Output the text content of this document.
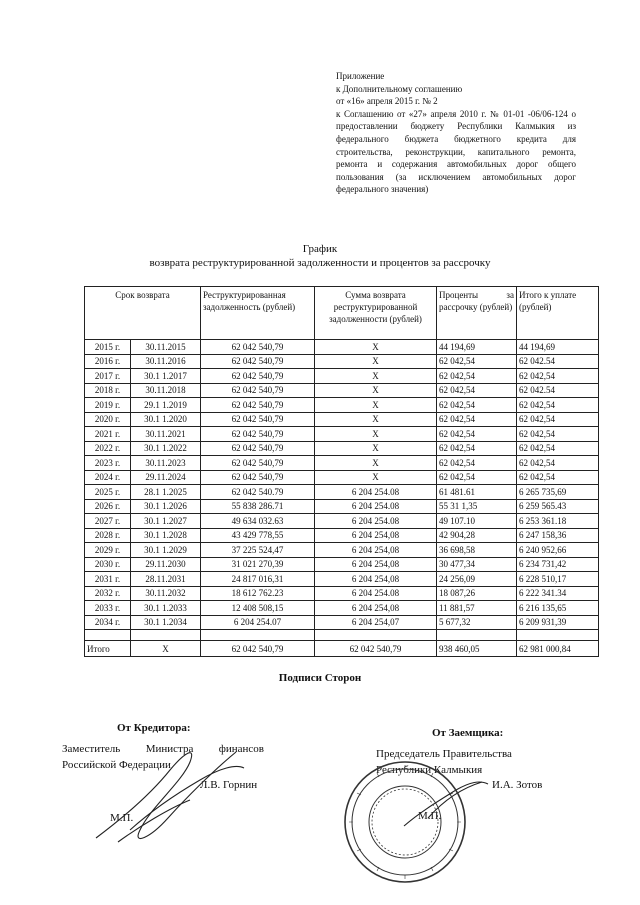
Приложение
к Дополнительному соглашению
от «16» апреля 2015 г. № 2
к Соглашению от «27» апреля 2010 г. № 01-01 -06/06-124 о предоставлении бюджету Республики Калмыкия из федерального бюджета бюджетного кредита для строительства, реконструкции, капитального ремонта, ремонта и содержания автомобильных дорог общего пользования (за исключением автомобильных дорог федерального значения)
График
возврата реструктурированной задолженности и процентов за рассрочку
Срок возврата		Реструктурированная задолженность (рублей)	Сумма возврата реструктурированной задолженности (рублей)	Проценты за рассрочку (рублей)	Итого к уплате (рублей)
2015 г.	30.11.2015	62 042 540,79	Х	44 194,69	44 194,69
2016 г.	30.11.2016	62 042 540,79	Х	62 042,54	62 042.54
2017 г.	30.1 1.2017	62 042 540,79	Х	62 042,54	62 042,54
2018 г.	30.11.2018	62 042 540,79	Х	62 042,54	62 042.54
2019 г.	29.1 1.2019	62 042 540,79	Х	62 042,54	62 042,54
2020 г.	30.1 1.2020	62 042 540,79	Х	62 042,54	62 042,54
2021 г.	30.11.2021	62 042 540,79	Х	62 042,54	62 042,54
2022 г.	30.1 1.2022	62 042 540,79	Х	62 042,54	62 042,54
2023 г.	30.11.2023	62 042 540,79	Х	62 042,54	62 042,54
2024 г.	29.11.2024	62 042 540,79	Х	62 042,54	62 042,54
2025 г.	28.1 1.2025	62 042 540.79	6 204 254.08	61 481.61	6 265 735,69
2026 г.	30.1 1.2026	55 838 286.71	6 204 254.08	55 31 1,35	6 259 565.43
2027 г.	30.1 1.2027	49 634 032.63	6 204 254.08	49 107.10	6 253 361.18
2028 г.	30.1 1.2028	43 429 778,55	6 204 254,08	42 904,28	6 247 158,36
2029 г.	30.1 1.2029	37 225 524,47	6 204 254,08	36 698,58	6 240 952,66
2030 г.	29.11.2030	31 021 270,39	6 204 254,08	30 477,34	6 234 731,42
2031 г.	28.11.2031	24 817 016,31	6 204 254,08	24 256,09	6 228 510,17
2032 г.	30.11.2032	18 612 762.23	6 204 254.08	18 087,26	6 222 341.34
2033 г.	30.1 1.2033	12 408 508,15	6 204 254,08	11 881,57	6 216 135,65
2034 г.	30.1 1.2034	6 204 254.07	6 204 254,07	5 677,32	6 209 931,39

Итого	Х	62 042 540,79	62 042 540,79	938 460,05	62 981 000,84
Подписи Сторон
От Кредитора:	От Заемщика:
Заместитель Министра финансов Российской Федерации
Председатель Правительства
Республики Калмыкия
Л.В. Горнин	И.А. Зотов
М.П.	М.П.
